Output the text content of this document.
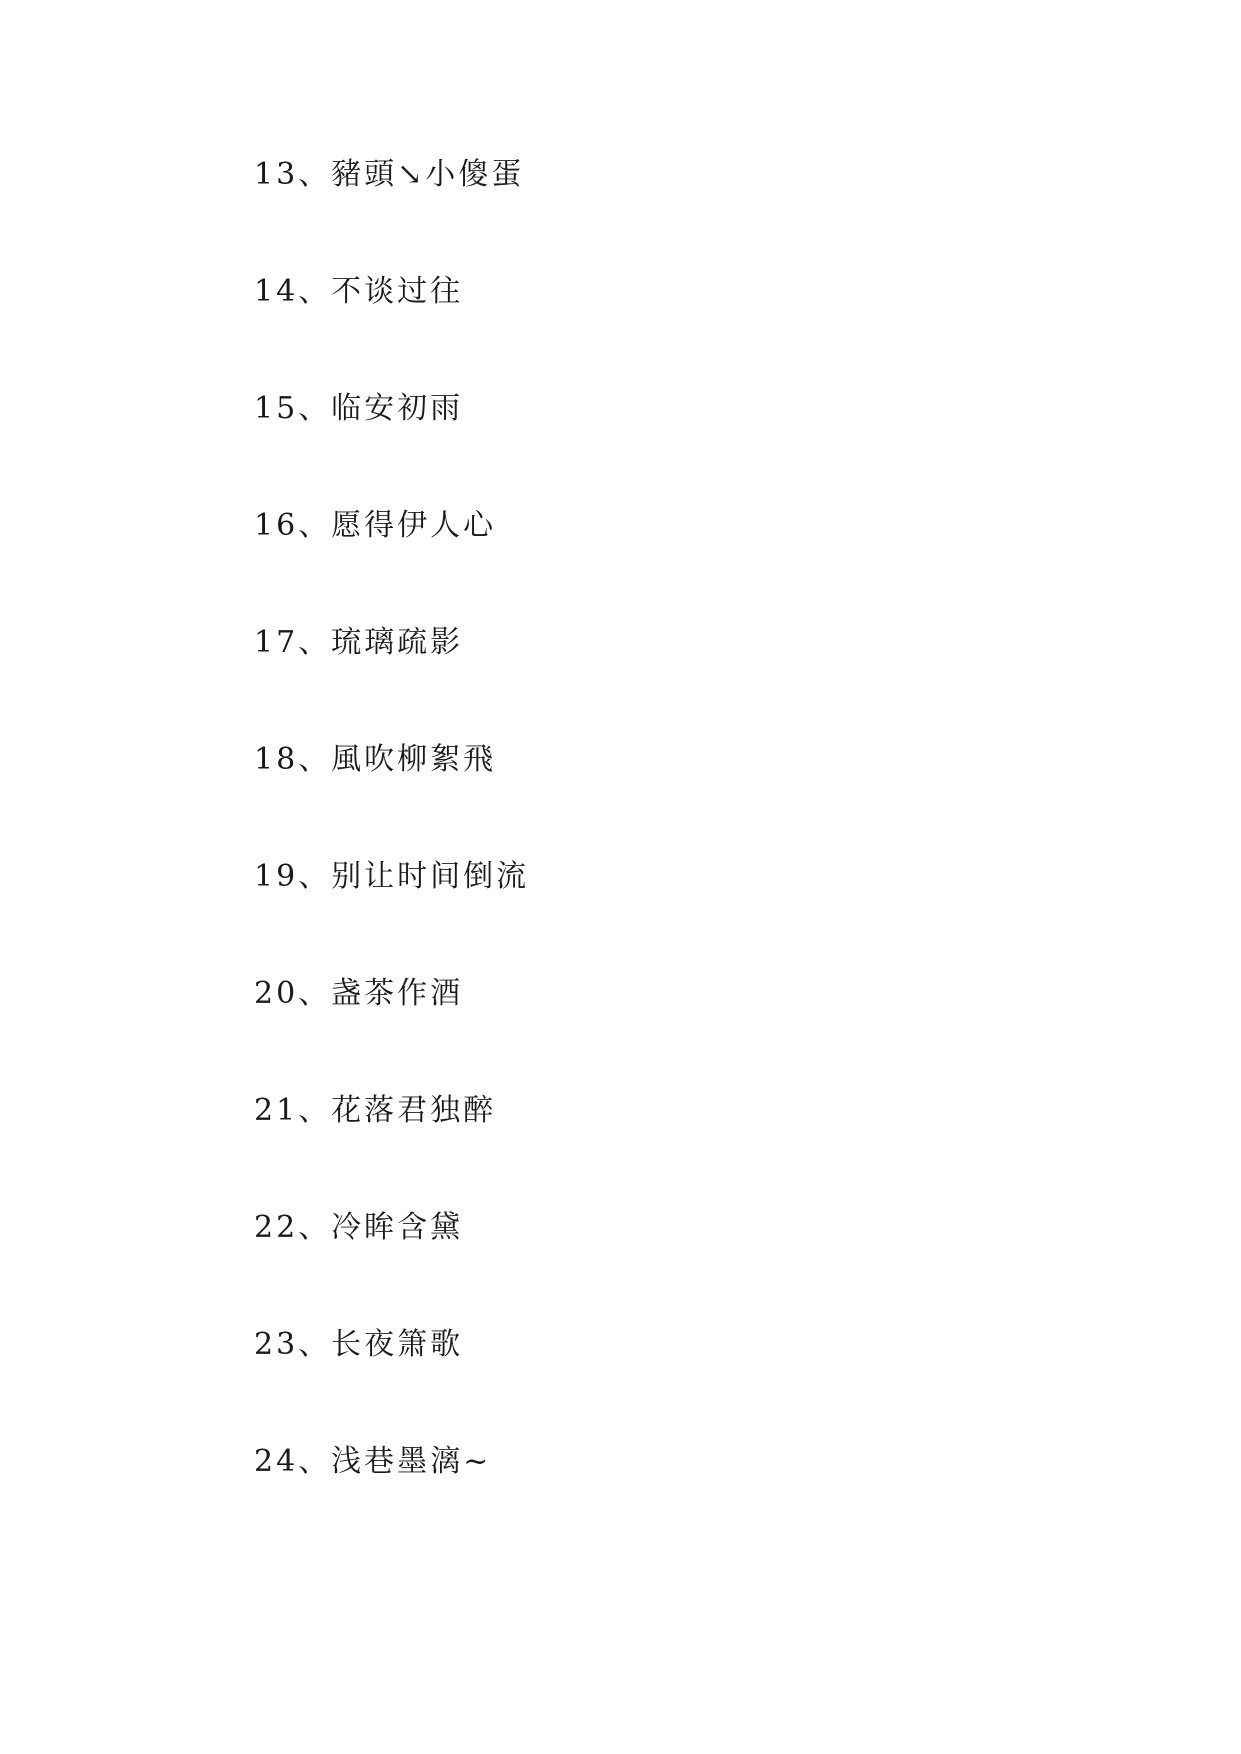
13、豬頭↘小傻蛋
14、不谈过往
15、临安初雨
16、愿得伊人心
17、琉璃疏影
18、風吹柳絮飛
19、别让时间倒流
20、盏茶作酒
21、花落君独醉
22、冷眸含黛
23、长夜箫歌
24、浅巷墨漓~
